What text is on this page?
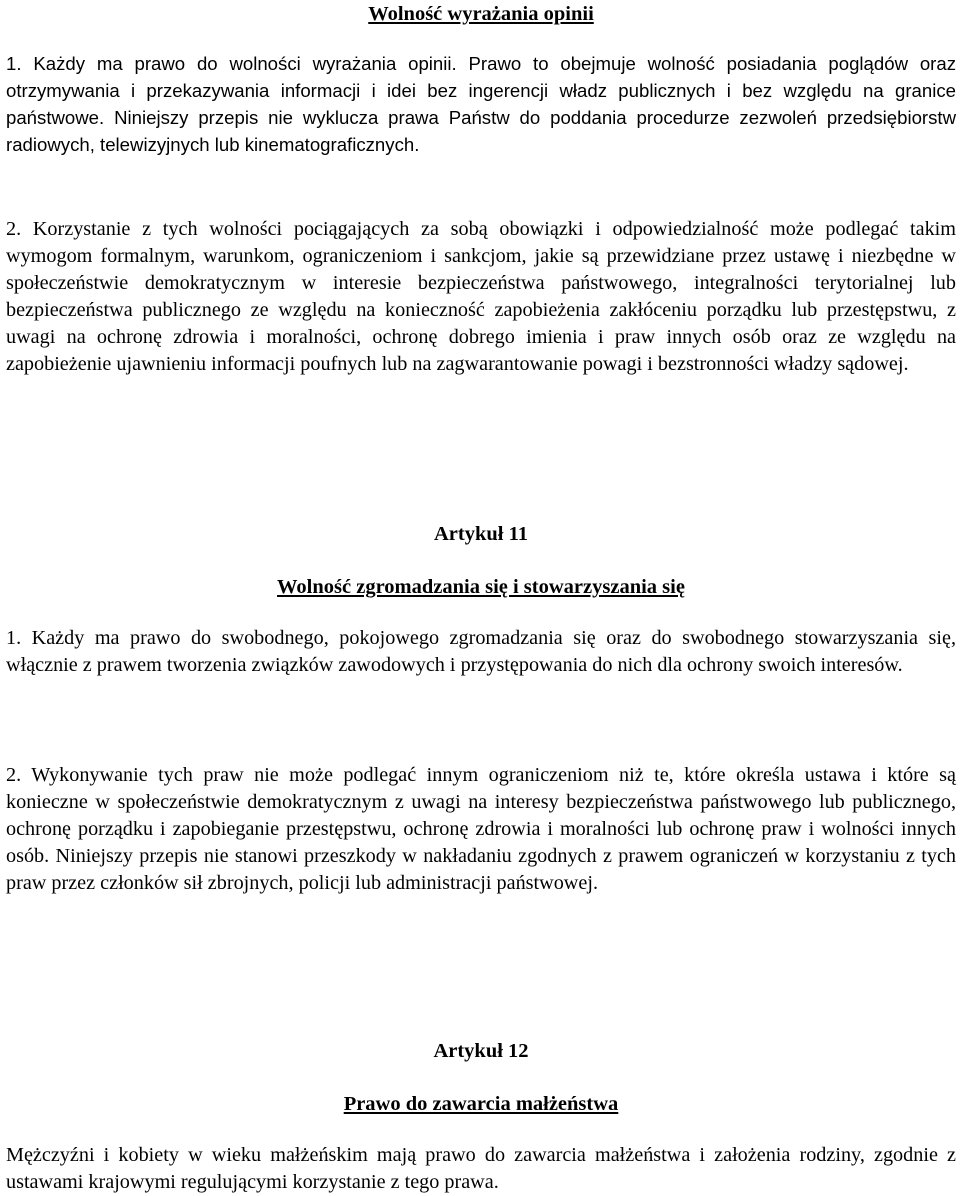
Wolność wyrażania opinii

1. Każdy ma prawo do wolności wyrażania opinii. Prawo to obejmuje wolność posiadania poglądów oraz otrzymywania i przekazywania informacji i idei bez ingerencji władz publicznych i bez względu na granice państwowe. Niniejszy przepis nie wyklucza prawa Państw do poddania procedurze zezwoleń przedsiębiorstw radiowych, telewizyjnych lub kinematograficznych.

2. Korzystanie z tych wolności pociągających za sobą obowiązki i odpowiedzialność może podlegać takim wymogom formalnym, warunkom, ograniczeniom i sankcjom, jakie są przewidziane przez ustawę i niezbędne w społeczeństwie demokratycznym w interesie bezpieczeństwa państwowego, integralności terytorialnej lub bezpieczeństwa publicznego ze względu na konieczność zapobieżenia zakłóceniu porządku lub przestępstwu, z uwagi na ochronę zdrowia i moralności, ochronę dobrego imienia i praw innych osób oraz ze względu na zapobieżenie ujawnieniu informacji poufnych lub na zagwarantowanie powagi i bezstronności władzy sądowej.

Artykuł 11
Wolność zgromadzania się i stowarzyszania się

1. Każdy ma prawo do swobodnego, pokojowego zgromadzania się oraz do swobodnego stowarzyszania się, włącznie z prawem tworzenia związków zawodowych i przystępowania do nich dla ochrony swoich interesów.

2. Wykonywanie tych praw nie może podlegać innym ograniczeniom niż te, które określa ustawa i które są konieczne w społeczeństwie demokratycznym z uwagi na interesy bezpieczeństwa państwowego lub publicznego, ochronę porządku i zapobieganie przestępstwu, ochronę zdrowia i moralności lub ochronę praw i wolności innych osób. Niniejszy przepis nie stanowi przeszkody w nakładaniu zgodnych z prawem ograniczeń w korzystaniu z tych praw przez członków sił zbrojnych, policji lub administracji państwowej.

Artykuł 12
Prawo do zawarcia małżeństwa

Mężczyźni i kobiety w wieku małżeńskim mają prawo do zawarcia małżeństwa i założenia rodziny, zgodnie z ustawami krajowymi regulującymi korzystanie z tego prawa.
